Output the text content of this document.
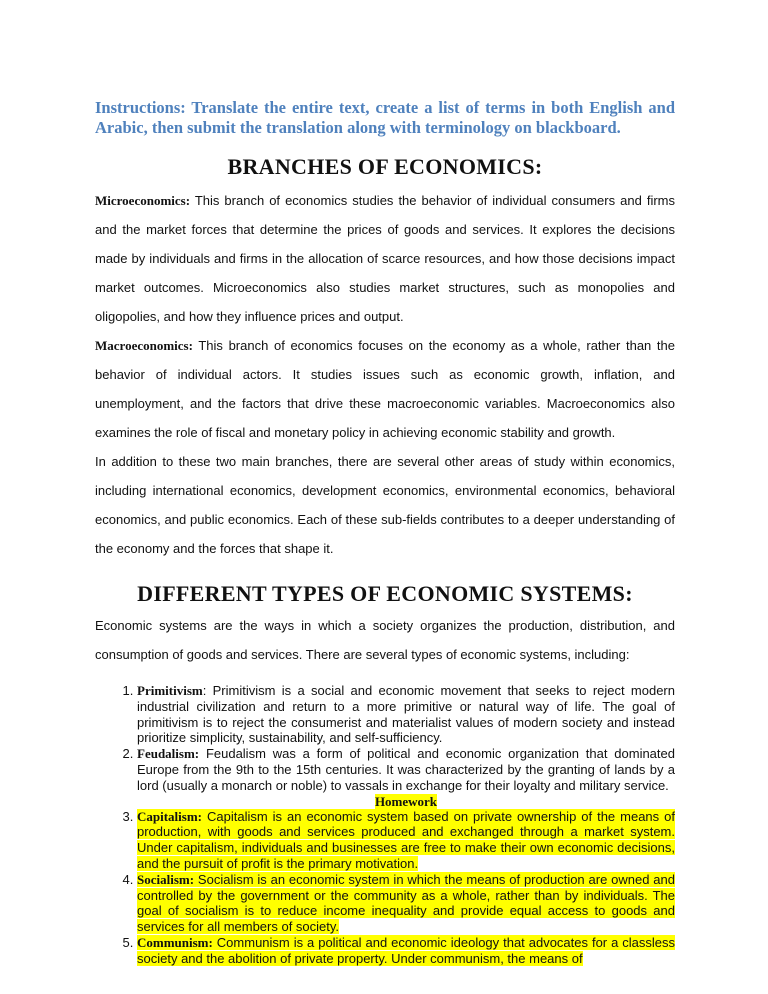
Instructions: Translate the entire text, create a list of terms in both English and Arabic, then submit the translation along with terminology on blackboard.

BRANCHES OF ECONOMICS:

Microeconomics: This branch of economics studies the behavior of individual consumers and firms and the market forces that determine the prices of goods and services. It explores the decisions made by individuals and firms in the allocation of scarce resources, and how those decisions impact market outcomes. Microeconomics also studies market structures, such as monopolies and oligopolies, and how they influence prices and output.

Macroeconomics: This branch of economics focuses on the economy as a whole, rather than the behavior of individual actors. It studies issues such as economic growth, inflation, and unemployment, and the factors that drive these macroeconomic variables. Macroeconomics also examines the role of fiscal and monetary policy in achieving economic stability and growth.

In addition to these two main branches, there are several other areas of study within economics, including international economics, development economics, environmental economics, behavioral economics, and public economics. Each of these sub-fields contributes to a deeper understanding of the economy and the forces that shape it.

DIFFERENT TYPES OF ECONOMIC SYSTEMS:

Economic systems are the ways in which a society organizes the production, distribution, and consumption of goods and services. There are several types of economic systems, including:

1. Primitivism: Primitivism is a social and economic movement that seeks to reject modern industrial civilization and return to a more primitive or natural way of life. The goal of primitivism is to reject the consumerist and materialist values of modern society and instead prioritize simplicity, sustainability, and self-sufficiency.
2. Feudalism: Feudalism was a form of political and economic organization that dominated Europe from the 9th to the 15th centuries. It was characterized by the granting of lands by a lord (usually a monarch or noble) to vassals in exchange for their loyalty and military service.
Homework
3. Capitalism: Capitalism is an economic system based on private ownership of the means of production, with goods and services produced and exchanged through a market system. Under capitalism, individuals and businesses are free to make their own economic decisions, and the pursuit of profit is the primary motivation.
4. Socialism: Socialism is an economic system in which the means of production are owned and controlled by the government or the community as a whole, rather than by individuals. The goal of socialism is to reduce income inequality and provide equal access to goods and services for all members of society.
5. Communism: Communism is a political and economic ideology that advocates for a classless society and the abolition of private property. Under communism, the means of
